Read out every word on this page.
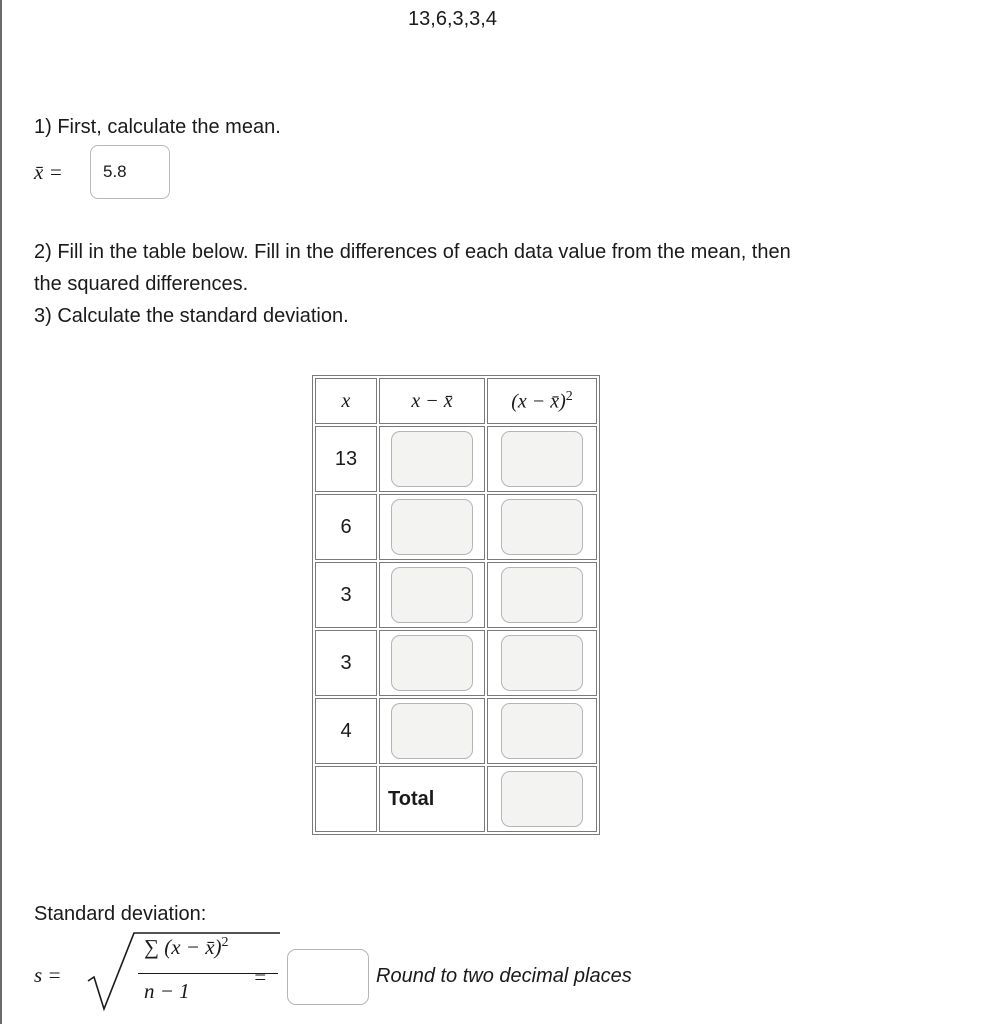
13,6,3,3,4
1) First, calculate the mean.
x̄ =	5.8

2) Fill in the table below. Fill in the differences of each data value from the mean, then

the squared differences.

3) Calculate the standard deviation.

x	x − x̄	(x − x̄)$^2$
13		
6		
3		
3		
4		
	Total	
Standard deviation:
s =
∑ (x − x̄)$^2$
n − 1
=	Round to two decimal places
